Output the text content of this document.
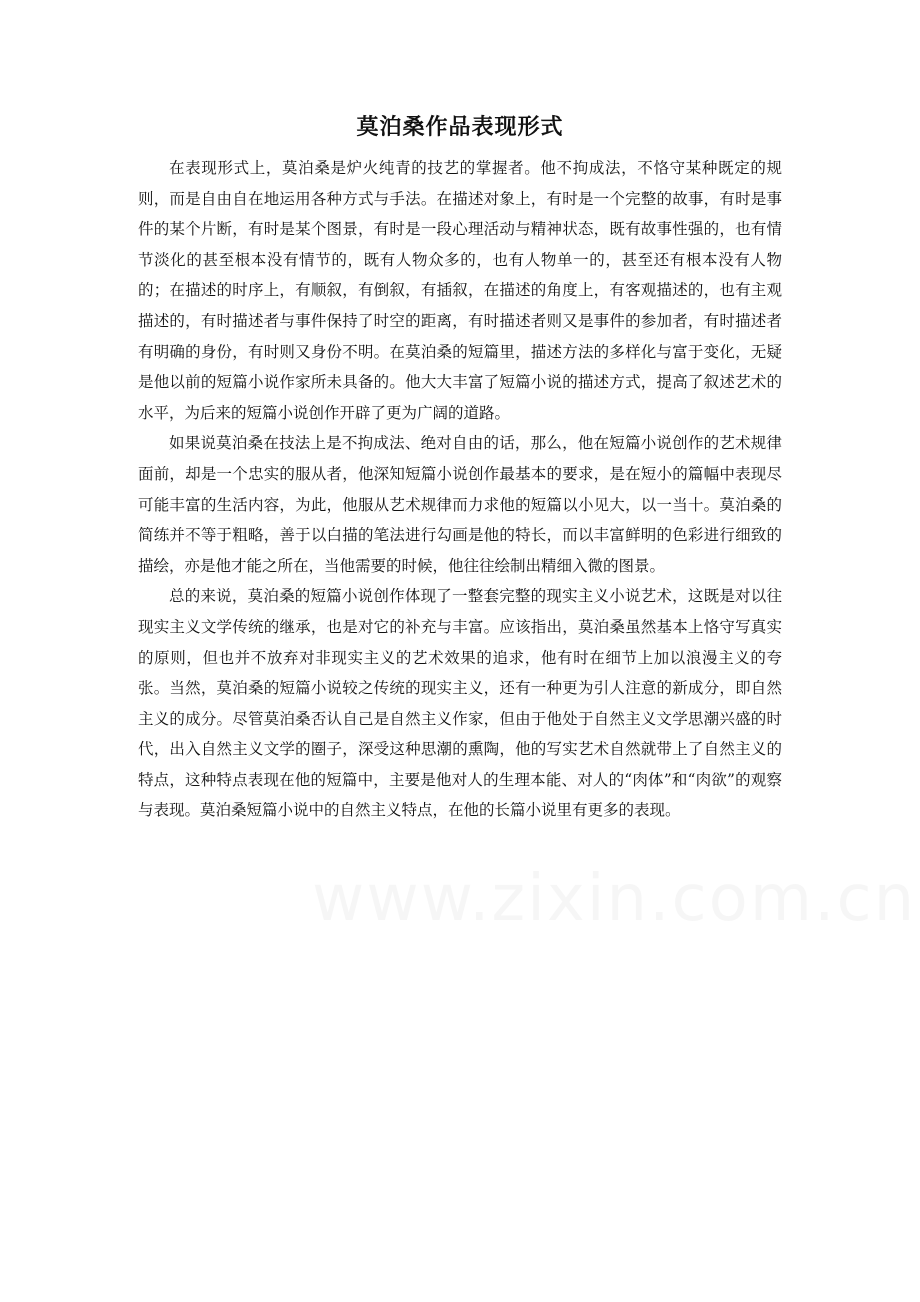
莫泊桑作品表现形式

在表现形式上，莫泊桑是炉火纯青的技艺的掌握者。他不拘成法，不恪守某种既定的规则，而是自由自在地运用各种方式与手法。在描述对象上，有时是一个完整的故事，有时是事件的某个片断，有时是某个图景，有时是一段心理活动与精神状态，既有故事性强的，也有情节淡化的甚至根本没有情节的，既有人物众多的，也有人物单一的，甚至还有根本没有人物的；在描述的时序上，有顺叙，有倒叙，有插叙，在描述的角度上，有客观描述的，也有主观描述的，有时描述者与事件保持了时空的距离，有时描述者则又是事件的参加者，有时描述者有明确的身份，有时则又身份不明。在莫泊桑的短篇里，描述方法的多样化与富于变化，无疑是他以前的短篇小说作家所未具备的。他大大丰富了短篇小说的描述方式，提高了叙述艺术的水平，为后来的短篇小说创作开辟了更为广阔的道路。

如果说莫泊桑在技法上是不拘成法、绝对自由的话，那么，他在短篇小说创作的艺术规律面前，却是一个忠实的服从者，他深知短篇小说创作最基本的要求，是在短小的篇幅中表现尽可能丰富的生活内容，为此，他服从艺术规律而力求他的短篇以小见大，以一当十。莫泊桑的简练并不等于粗略，善于以白描的笔法进行勾画是他的特长，而以丰富鲜明的色彩进行细致的描绘，亦是他才能之所在，当他需要的时候，他往往绘制出精细入微的图景。

总的来说，莫泊桑的短篇小说创作体现了一整套完整的现实主义小说艺术，这既是对以往现实主义文学传统的继承，也是对它的补充与丰富。应该指出，莫泊桑虽然基本上恪守写真实的原则，但也并不放弃对非现实主义的艺术效果的追求，他有时在细节上加以浪漫主义的夸张。当然，莫泊桑的短篇小说较之传统的现实主义，还有一种更为引人注意的新成分，即自然主义的成分。尽管莫泊桑否认自己是自然主义作家，但由于他处于自然主义文学思潮兴盛的时代，出入自然主义文学的圈子，深受这种思潮的熏陶，他的写实艺术自然就带上了自然主义的特点，这种特点表现在他的短篇中，主要是他对人的生理本能、对人的“肉体”和“肉欲”的观察与表现。莫泊桑短篇小说中的自然主义特点，在他的长篇小说里有更多的表现。
